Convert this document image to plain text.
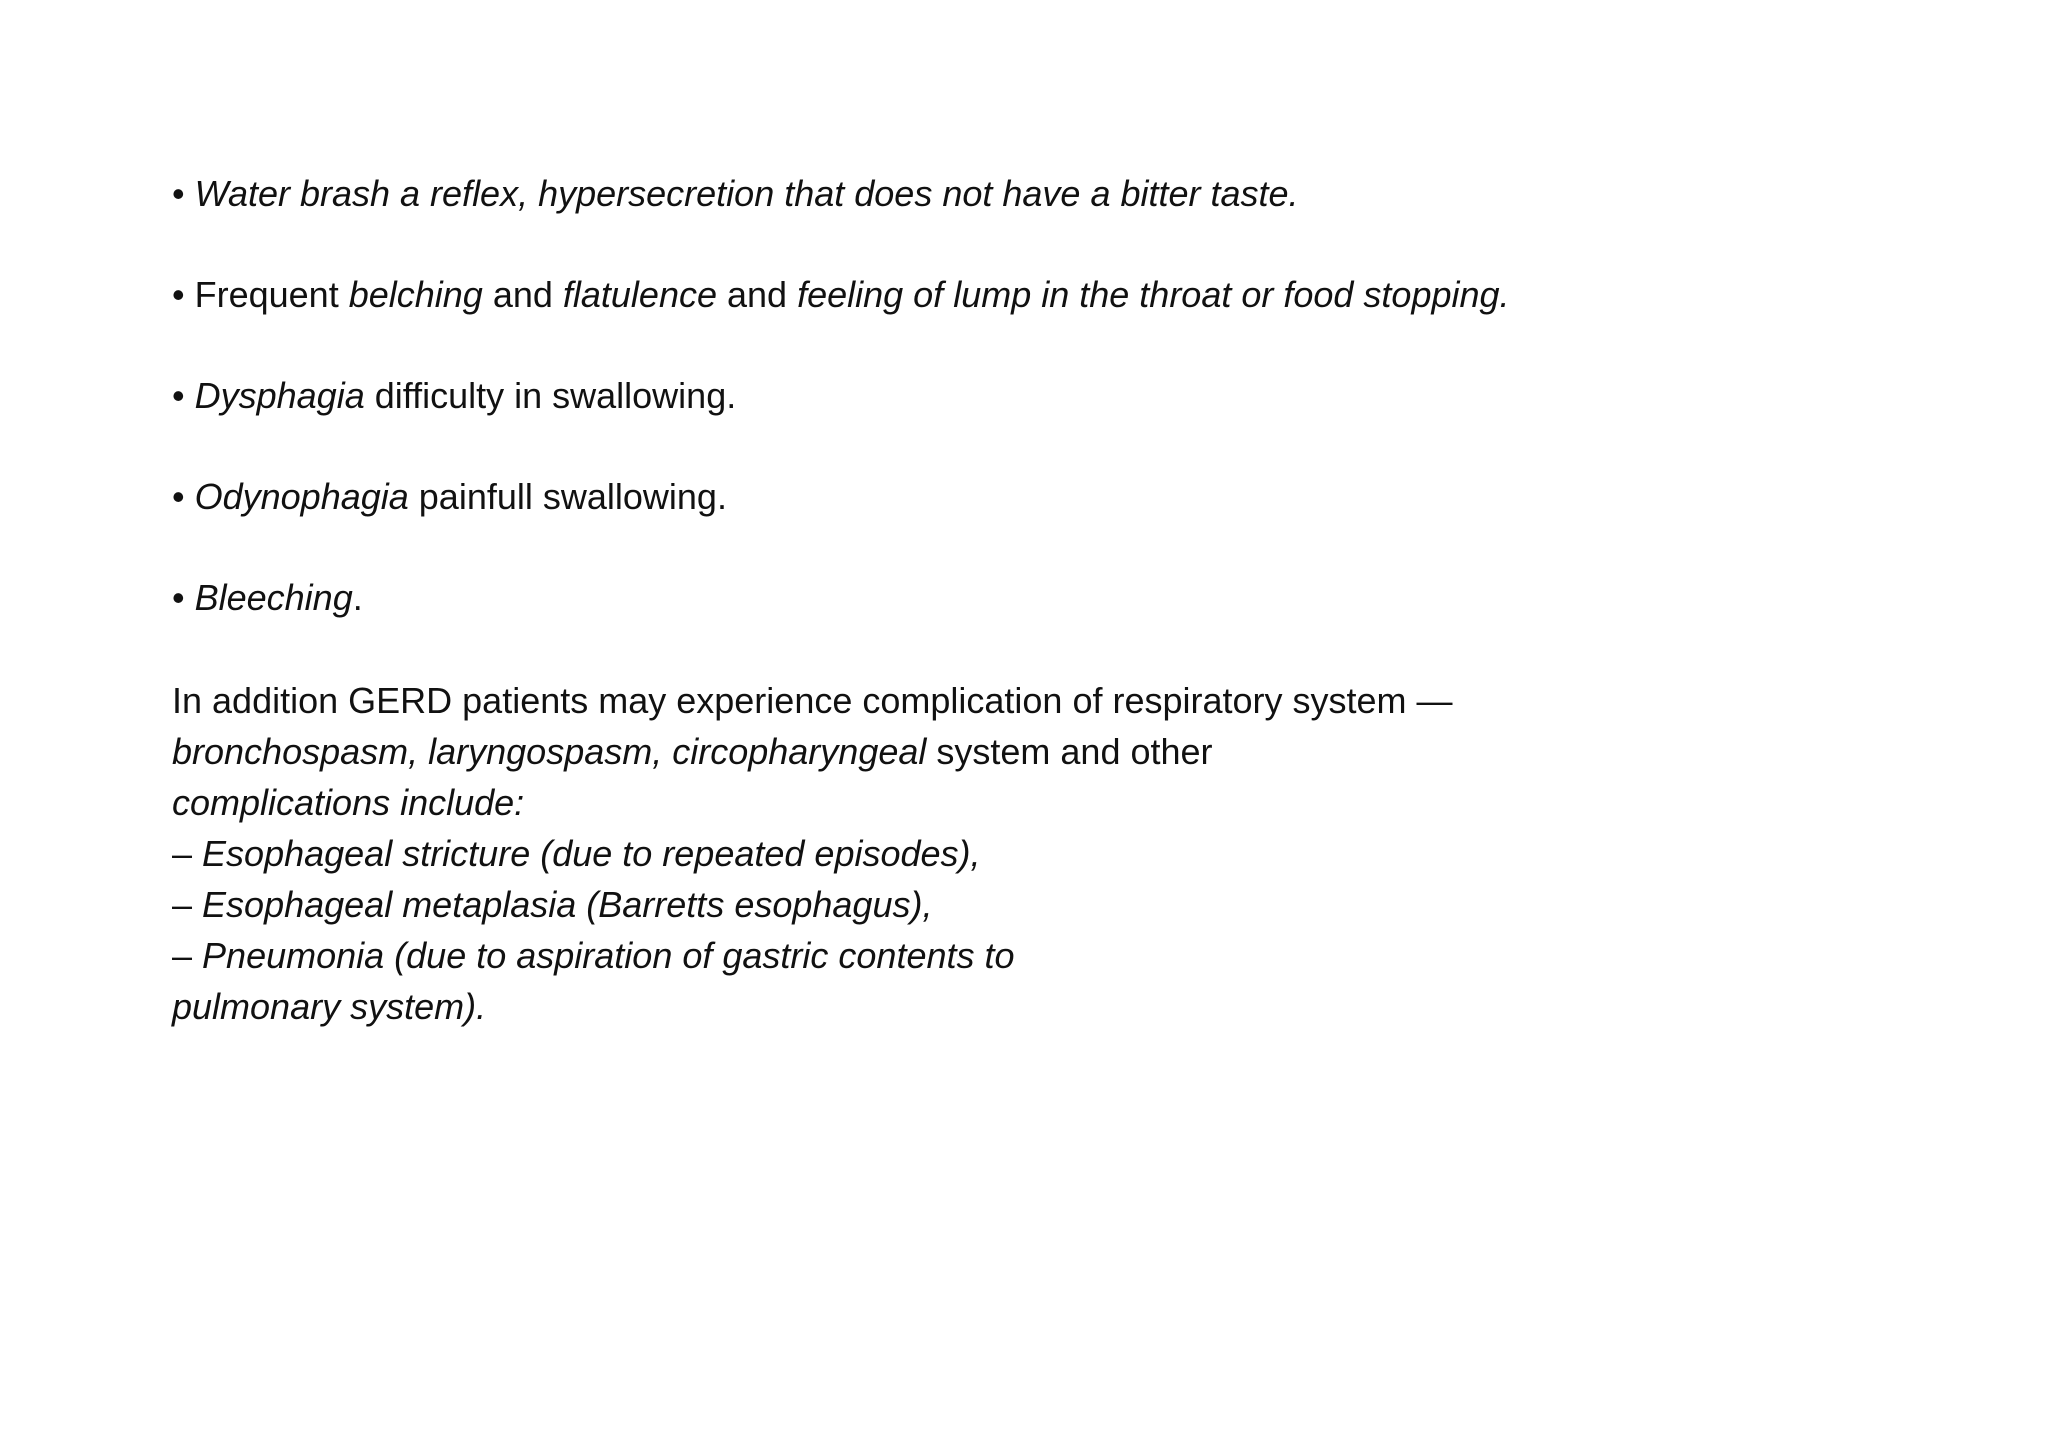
• Water brash a reflex, hypersecretion that does not have a bitter taste.
• Frequent belching and flatulence and feeling of lump in the throat or food stopping.
• Dysphagia difficulty in swallowing.
• Odynophagia painfull swallowing.
• Bleeching.
In addition GERD patients may experience complication of respiratory system —
bronchospasm, laryngospasm, circopharyngeal system and other
complications include:
– Esophageal stricture (due to repeated episodes),
– Esophageal metaplasia (Barretts esophagus),
– Pneumonia (due to aspiration of gastric contents to
pulmonary system).
